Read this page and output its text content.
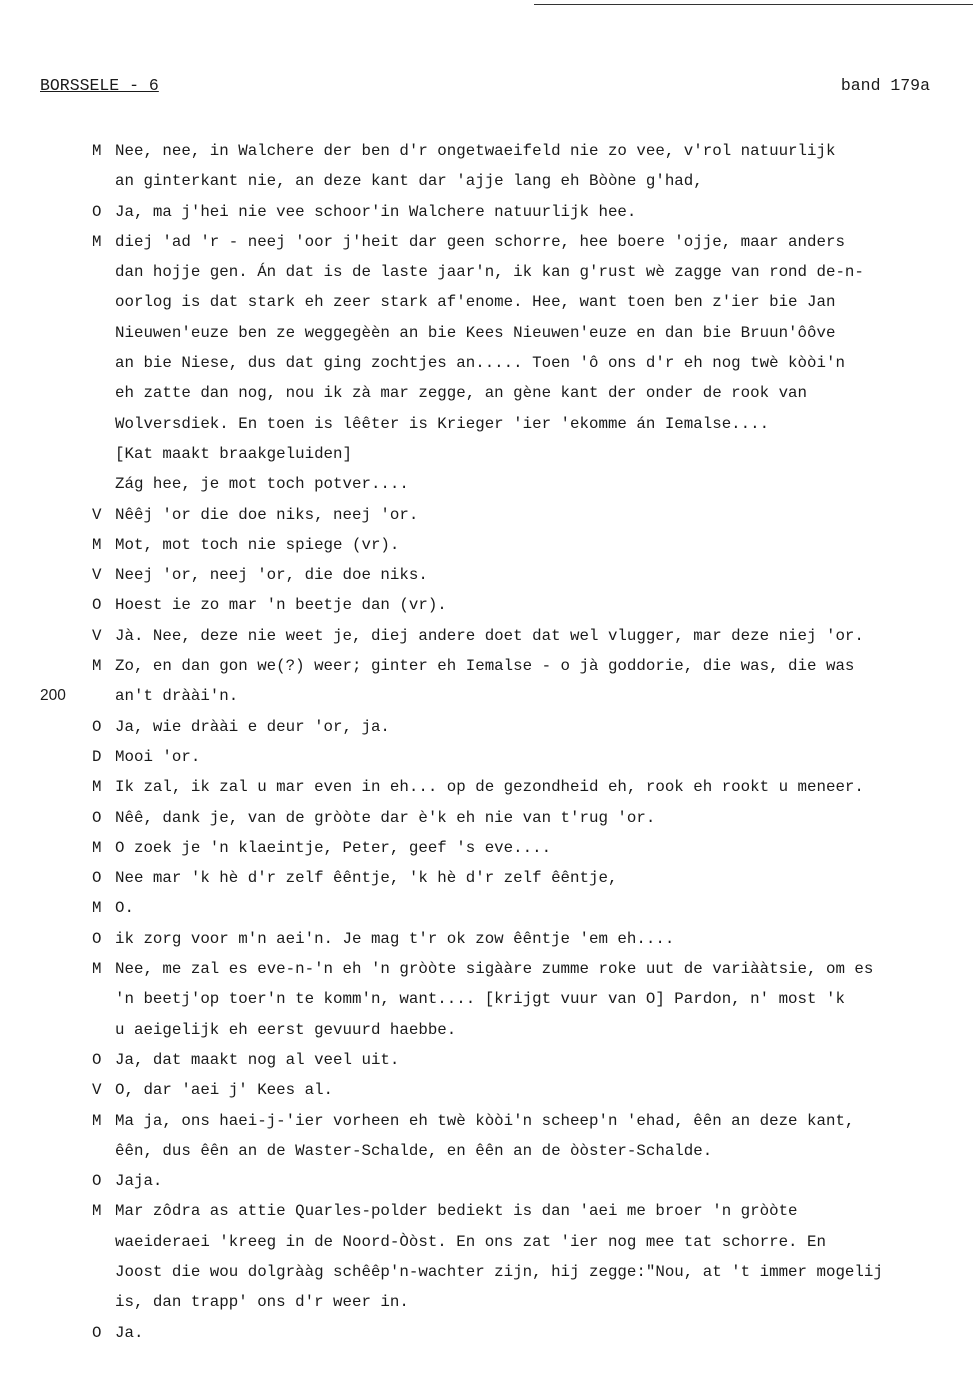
BORSSELE - 6	band 179a
M Nee, nee, in Walchere der ben d'r ongetwaeifeld nie zo vee, v'rol natuurlijk
an ginterkant nie, an deze kant dar 'ajje lang eh Bòòne g'had,
O Ja, ma j'hei nie vee schoor'in Walchere natuurlijk hee.
M diej 'ad 'r - neej 'oor j'heit dar geen schorre, hee boere 'ojje, maar anders
dan hojje gen. Án dat is de laste jaar'n, ik kan g'rust wè zagge van rond de-n-
oorlog is dat stark eh zeer stark af'enome. Hee, want toen ben z'ier bie Jan
Nieuwen'euze ben ze weggegèèn an bie Kees Nieuwen'euze en dan bie Bruun'ôôve
an bie Niese, dus dat ging zochtjes an..... Toen 'ô ons d'r eh nog twè kòòi'n
eh zatte dan nog, nou ik zà mar zegge, an gène kant der onder de rook van
Wolversdiek. En toen is lêêter is Krieger 'ier 'ekomme án Iemalse....
[Kat maakt braakgeluiden]
Zág hee, je mot toch potver....
V Nêêj 'or die doe niks, neej 'or.
M Mot, mot toch nie spiege (vr).
V Neej 'or, neej 'or, die doe niks.
O Hoest ie zo mar 'n beetje dan (vr).
V Jà. Nee, deze nie weet je, diej andere doet dat wel vlugger, mar deze niej 'or.
M Zo, en dan gon we(?) weer; ginter eh Iemalse - o jà goddorie, die was, die was
200	an't dràài'n.
O Ja, wie dràài e deur 'or, ja.
D Mooi 'or.
M Ik zal, ik zal u mar even in eh... op de gezondheid eh, rook eh rookt u meneer.
O Nêê, dank je, van de gròòte dar è'k eh nie van t'rug 'or.
M O zoek je 'n klaeintje, Peter, geef 's eve....
O Nee mar 'k hè d'r zelf êêntje, 'k hè d'r zelf êêntje,
M O.
O ik zorg voor m'n aei'n. Je mag t'r ok zow êêntje 'em eh....
M Nee, me zal es eve-n-'n eh 'n gròòte sigààre zumme roke uut de variààtsie, om es
'n beetj'op toer'n te komm'n, want.... [krijgt vuur van O] Pardon, n' most 'k
u aeigelijk eh eerst gevuurd haebbe.
O Ja, dat maakt nog al veel uit.
V O, dar 'aei j' Kees al.
M Ma ja, ons haei-j-'ier vorheen eh twè kòòi'n scheep'n 'ehad, êên an deze kant,
êên, dus êên an de Waster-Schalde, en êên an de òòster-Schalde.
O Jaja.
M Mar zôdra as attie Quarles-polder bediekt is dan 'aei me broer 'n gròòte
waeideraei 'kreeg in de Noord-Òòst. En ons zat 'ier nog mee tat schorre. En
Joost die wou dolgrààg schêêp'n-wachter zijn, hij zegge:"Nou, at 't immer mogelij
is, dan trapp' ons d'r weer in.
O Ja.
